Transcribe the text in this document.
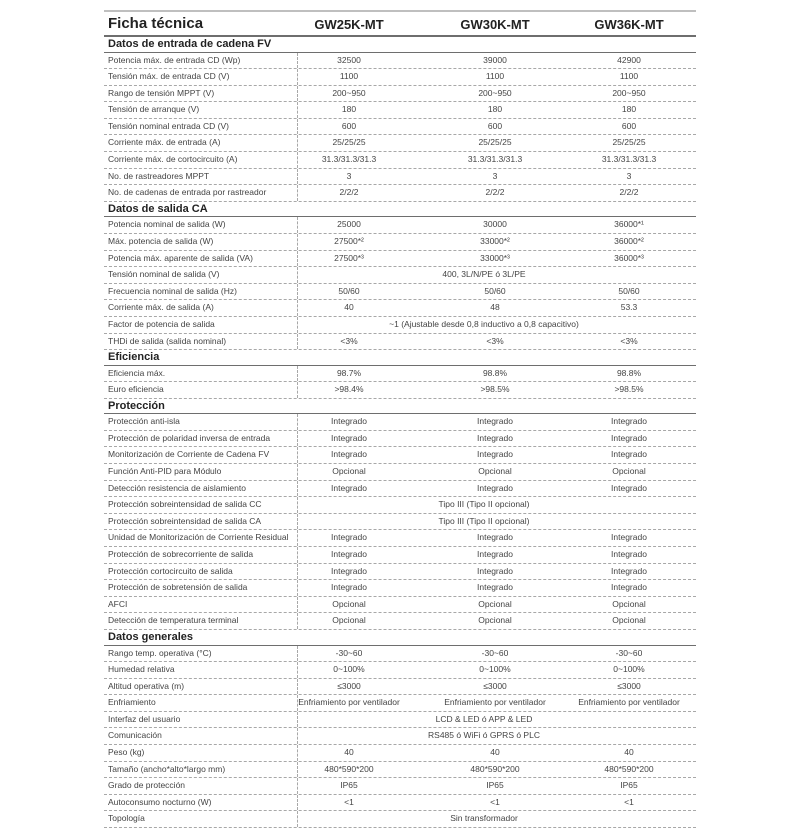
Ficha técnica	GW25K-MT	GW30K-MT	GW36K-MT
Datos de entrada de cadena FV
Potencia máx. de entrada CD (Wp)	32500	39000	42900
Tensión máx. de entrada CD (V)	1100	1100	1100
Rango de tensión MPPT (V)	200~950	200~950	200~950
Tensión de arranque (V)	180	180	180
Tensión nominal entrada CD (V)	600	600	600
Corriente máx. de entrada (A)	25/25/25	25/25/25	25/25/25
Corriente máx. de cortocircuito (A)	31.3/31.3/31.3	31.3/31.3/31.3	31.3/31.3/31.3
No. de rastreadores MPPT	3	3	3
No. de cadenas de entrada por rastreador	2/2/2	2/2/2	2/2/2
Datos de salida CA
Potencia nominal de salida (W)	25000	30000	36000*¹
Máx. potencia de salida (W)	27500*²	33000*²	36000*²
Potencia máx. aparente de salida (VA)	27500*³	33000*³	36000*³
Tensión nominal de salida (V)	400, 3L/N/PE ó 3L/PE
Frecuencia nominal de salida (Hz)	50/60	50/60	50/60
Corriente máx. de salida (A)	40	48	53.3
Factor de potencia de salida	~1 (Ajustable desde 0,8 inductivo a 0,8 capacitivo)
THDi de salida (salida nominal)	<3%	<3%	<3%
Eficiencia
Eficiencia máx.	98.7%	98.8%	98.8%
Euro eficiencia	>98.4%	>98.5%	>98.5%
Protección
Protección anti-isla	Integrado	Integrado	Integrado
Protección de polaridad inversa de entrada	Integrado	Integrado	Integrado
Monitorización de Corriente de Cadena FV	Integrado	Integrado	Integrado
Función Anti-PID para Módulo	Opcional	Opcional	Opcional
Detección resistencia de aislamiento	Integrado	Integrado	Integrado
Protección sobreintensidad de salida CC	Tipo III (Tipo II opcional)
Protección sobreintensidad de salida CA	Tipo III (Tipo II opcional)
Unidad de Monitorización de Corriente Residual	Integrado	Integrado	Integrado
Protección de sobrecorriente de salida	Integrado	Integrado	Integrado
Protección cortocircuito de salida	Integrado	Integrado	Integrado
Protección de sobretensión de salida	Integrado	Integrado	Integrado
AFCI	Opcional	Opcional	Opcional
Detección de temperatura terminal	Opcional	Opcional	Opcional
Datos generales
Rango temp. operativa (°C)	-30~60	-30~60	-30~60
Humedad relativa	0~100%	0~100%	0~100%
Altitud operativa (m)	≤3000	≤3000	≤3000
Enfriamiento	Enfriamiento por ventilador	Enfriamiento por ventilador	Enfriamiento por ventilador
Interfaz del usuario	LCD & LED ó APP & LED
Comunicación	RS485 ó WiFi ó GPRS ó PLC
Peso (kg)	40	40	40
Tamaño (ancho*alto*largo mm)	480*590*200	480*590*200	480*590*200
Grado de protección	IP65	IP65	IP65
Autoconsumo nocturno (W)	<1	<1	<1
Topología	Sin transformador
